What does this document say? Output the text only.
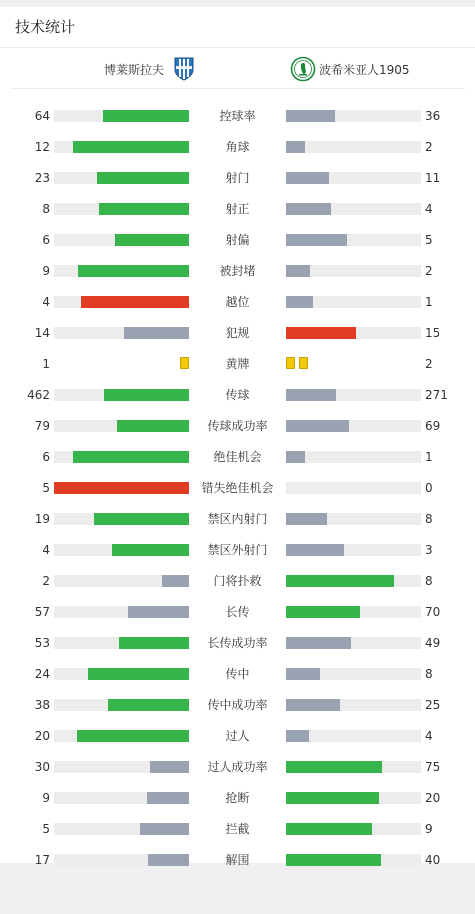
技术统计
博莱斯拉夫	波希米亚人1905
64	控球率	36
12	角球	2
23	射门	11
8	射正	4
6	射偏	5
9	被封堵	2
4	越位	1
14	犯规	15
1	黄牌	2
462	传球	271
79	传球成功率	69
6	绝佳机会	1
5	错失绝佳机会	0
19	禁区内射门	8
4	禁区外射门	3
2	门将扑救	8
57	长传	70
53	长传成功率	49
24	传中	8
38	传中成功率	25
20	过人	4
30	过人成功率	75
9	抢断	20
5	拦截	9
17	解围	40
